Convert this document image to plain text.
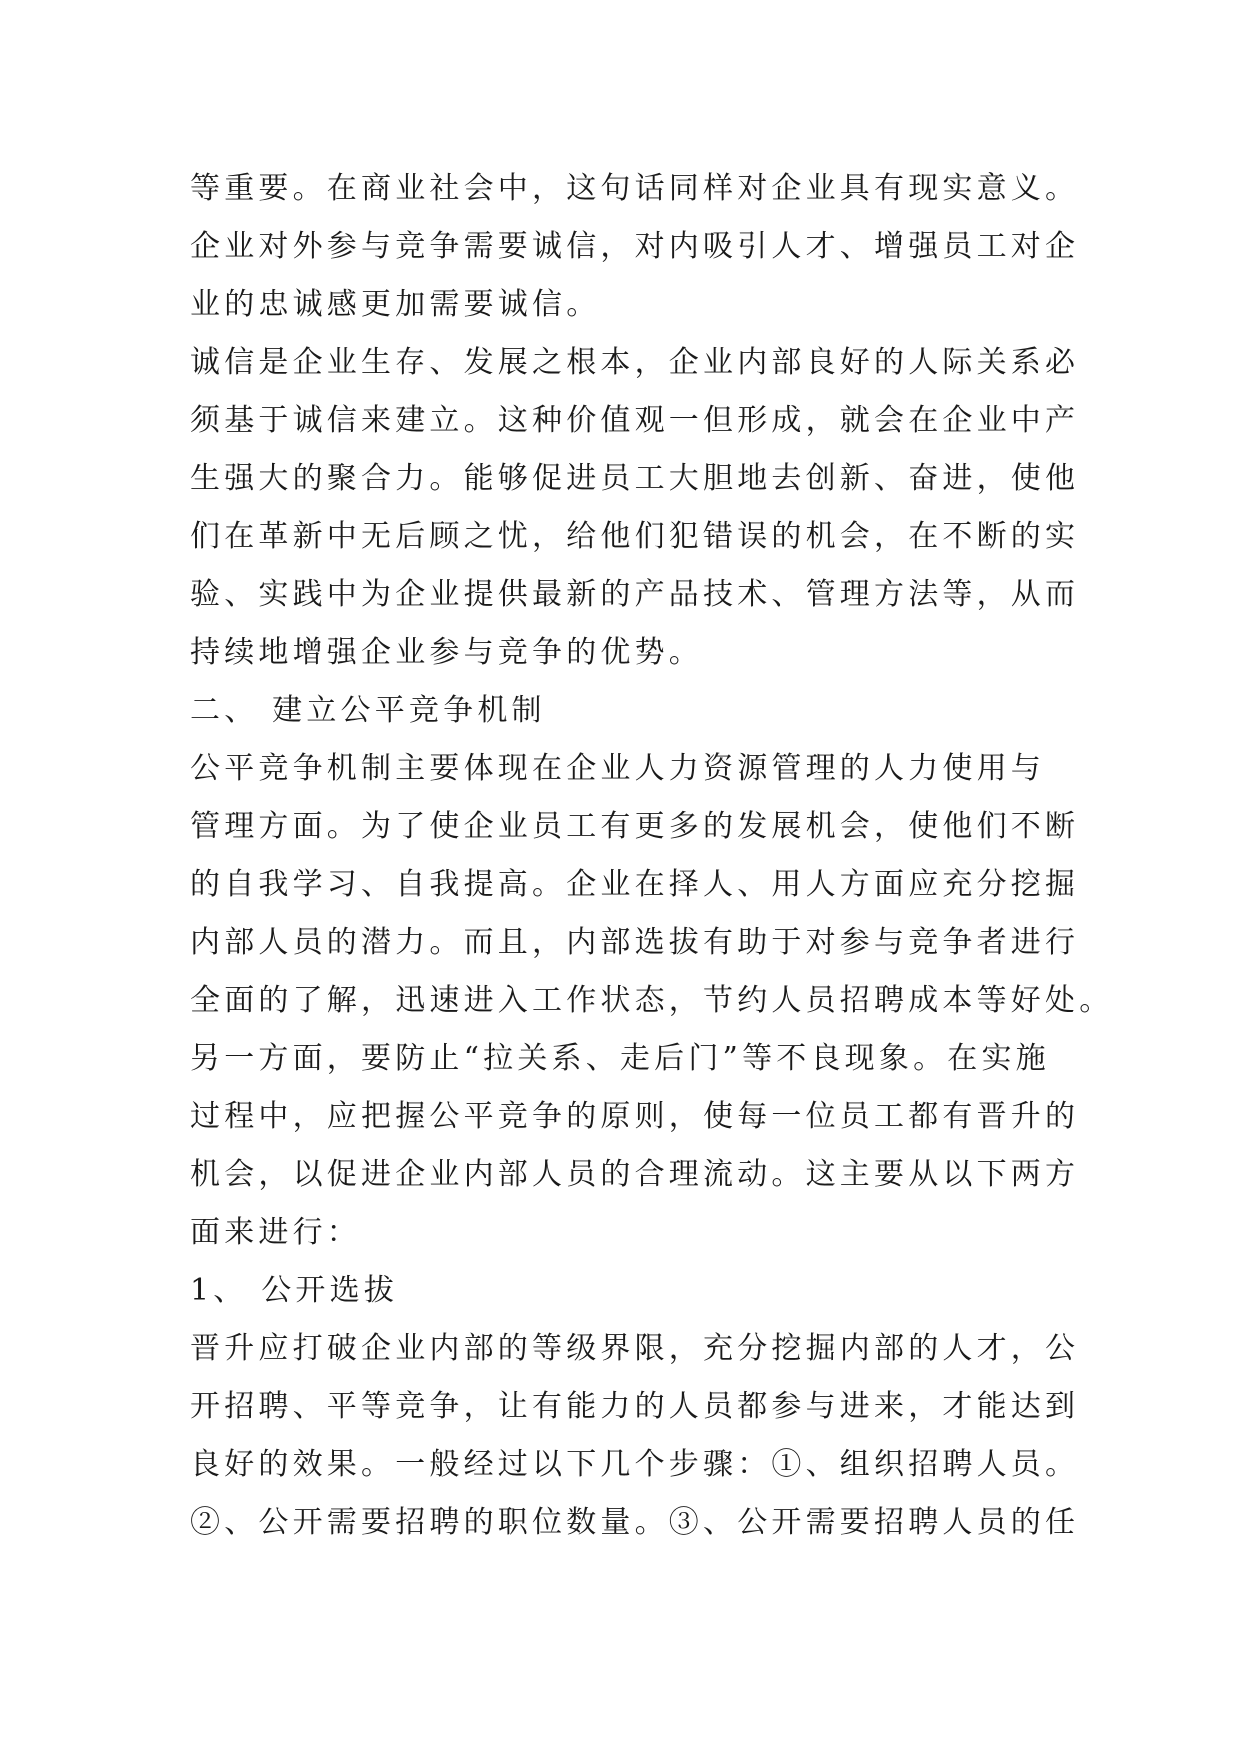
等重要。在商业社会中，这句话同样对企业具有现实意义。
企业对外参与竞争需要诚信，对内吸引人才、增强员工对企
业的忠诚感更加需要诚信。
诚信是企业生存、发展之根本，企业内部良好的人际关系必
须基于诚信来建立。这种价值观一但形成，就会在企业中产
生强大的聚合力。能够促进员工大胆地去创新、奋进，使他
们在革新中无后顾之忧，给他们犯错误的机会，在不断的实
验、实践中为企业提供最新的产品技术、管理方法等，从而
持续地增强企业参与竞争的优势。
二、 建立公平竞争机制
公平竞争机制主要体现在企业人力资源管理的人力使用与
管理方面。为了使企业员工有更多的发展机会，使他们不断
的自我学习、自我提高。企业在择人、用人方面应充分挖掘
内部人员的潜力。而且，内部选拔有助于对参与竞争者进行
全面的了解，迅速进入工作状态，节约人员招聘成本等好处。
另一方面，要防止“拉关系、走后门”等不良现象。在实施
过程中，应把握公平竞争的原则，使每一位员工都有晋升的
机会，以促进企业内部人员的合理流动。这主要从以下两方
面来进行：
1、 公开选拔
晋升应打破企业内部的等级界限，充分挖掘内部的人才，公
开招聘、平等竞争，让有能力的人员都参与进来，才能达到
良好的效果。一般经过以下几个步骤：①、组织招聘人员。
②、公开需要招聘的职位数量。③、公开需要招聘人员的任
